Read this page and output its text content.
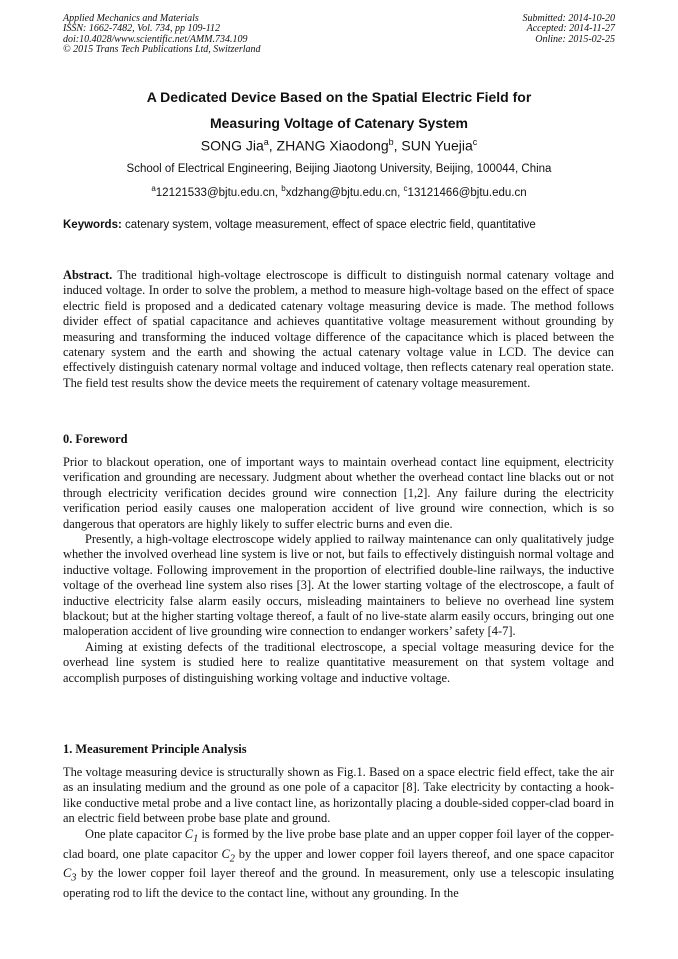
Applied Mechanics and Materials
ISSN: 1662-7482, Vol. 734, pp 109-112
doi:10.4028/www.scientific.net/AMM.734.109
© 2015 Trans Tech Publications Ltd, Switzerland
Submitted: 2014-10-20
Accepted: 2014-11-27
Online: 2015-02-25
A Dedicated Device Based on the Spatial Electric Field for
Measuring Voltage of Catenary System
SONG Jia$^a$, ZHANG Xiaodong$^b$, SUN Yuejia$^c$
School of Electrical Engineering, Beijing Jiaotong University, Beijing, 100044, China
$^a$12121533@bjtu.edu.cn, $^b$xdzhang@bjtu.edu.cn, $^c$13121466@bjtu.edu.cn
Keywords: catenary system, voltage measurement, effect of space electric field, quantitative
Abstract. The traditional high-voltage electroscope is difficult to distinguish normal catenary voltage and induced voltage. In order to solve the problem, a method to measure high-voltage based on the effect of space electric field is proposed and a dedicated catenary voltage measuring device is made. The method follows divider effect of spatial capacitance and achieves quantitative voltage measurement without grounding by measuring and transforming the induced voltage difference of the capacitance which is placed between the catenary system and the earth and showing the actual catenary voltage value in LCD. The device can effectively distinguish catenary normal voltage and induced voltage, then reflects catenary real operation state. The field test results show the device meets the requirement of catenary voltage measurement.
0. Foreword

Prior to blackout operation, one of important ways to maintain overhead contact line equipment, electricity verification and grounding are necessary. Judgment about whether the overhead contact line blacks out or not through electricity verification decides ground wire connection [1,2]. Any failure during the electricity verification period easily causes one maloperation accident of live ground wire connection, which is so dangerous that operators are highly likely to suffer electric burns and even die.

Presently, a high-voltage electroscope widely applied to railway maintenance can only qualitatively judge whether the involved overhead line system is live or not, but fails to effectively distinguish normal voltage and inductive voltage. Following improvement in the proportion of electrified double-line railways, the inductive voltage of the overhead line system also rises [3]. At the lower starting voltage of the electroscope, a fault of inductive electricity false alarm easily occurs, misleading maintainers to believe no overhead line system blackout; but at the higher starting voltage thereof, a fault of no live-state alarm easily occurs, bringing out one maloperation accident of live grounding wire connection to endanger workers’ safety [4-7].

Aiming at existing defects of the traditional electroscope, a special voltage measuring device for the overhead line system is studied here to realize quantitative measurement on that system voltage and accomplish purposes of distinguishing working voltage and inductive voltage.

1. Measurement Principle Analysis

The voltage measuring device is structurally shown as Fig.1. Based on a space electric field effect, take the air as an insulating medium and the ground as one pole of a capacitor [8]. Take electricity by contacting a hook-like conductive metal probe and a live contact line, as horizontally placing a double-sided copper-clad board in an electric field between probe base plate and ground.

One plate capacitor $C_1$ is formed by the live probe base plate and an upper copper foil layer of the copper-clad board, one plate capacitor $C_2$ by the upper and lower copper foil layers thereof, and one space capacitor $C_3$ by the lower copper foil layer thereof and the ground. In measurement, only use a telescopic insulating operating rod to lift the device to the contact line, without any grounding. In the
